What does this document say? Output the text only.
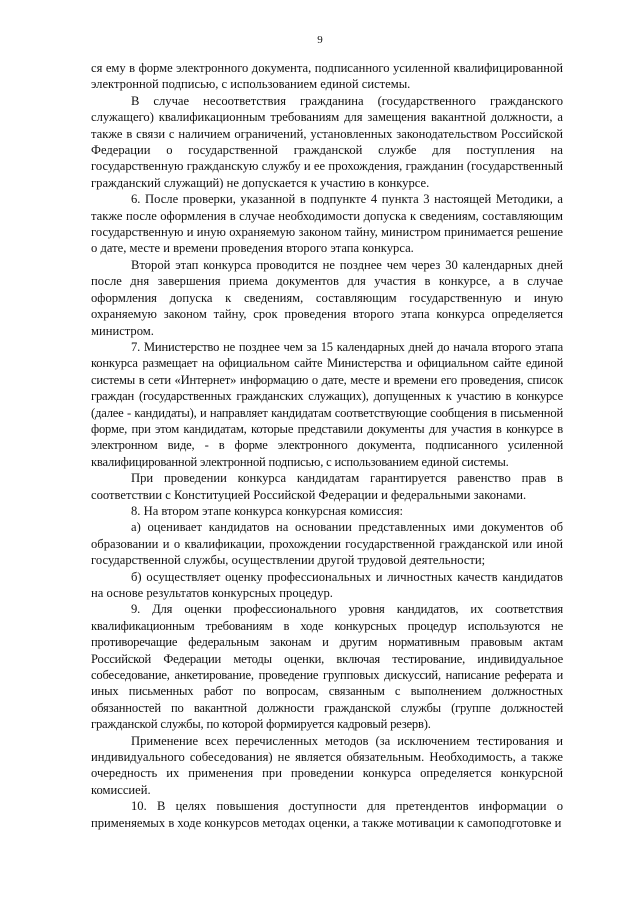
9

ся ему в форме электронного документа, подписанного усиленной квалифицированной электронной подписью, с использованием единой системы.

В случае несоответствия гражданина (государственного гражданского служащего) квалификационным требованиям для замещения вакантной должности, а также в связи с наличием ограничений, установленных законодательством Российской Федерации о государственной гражданской службе для поступления на государственную гражданскую службу и ее прохождения, гражданин (государственный гражданский служащий) не допускается к участию в конкурсе.

6. После проверки, указанной в подпункте 4 пункта 3 настоящей Методики, а также после оформления в случае необходимости допуска к сведениям, составляющим государственную и иную охраняемую законом тайну, министром принимается решение о дате, месте и времени проведения второго этапа конкурса.

Второй этап конкурса проводится не позднее чем через 30 календарных дней после дня завершения приема документов для участия в конкурсе, а в случае оформления допуска к сведениям, составляющим государственную и иную охраняемую законом тайну, срок проведения второго этапа конкурса определяется министром.

7. Министерство не позднее чем за 15 календарных дней до начала второго этапа конкурса размещает на официальном сайте Министерства и официальном сайте единой системы в сети «Интернет» информацию о дате, месте и времени его проведения, список граждан (государственных гражданских служащих), допущенных к участию в конкурсе (далее - кандидаты), и направляет кандидатам соответствующие сообщения в письменной форме, при этом кандидатам, которые представили документы для участия в конкурсе в электронном виде, - в форме электронного документа, подписанного усиленной квалифицированной электронной подписью, с использованием единой системы.

При проведении конкурса кандидатам гарантируется равенство прав в соответствии с Конституцией Российской Федерации и федеральными законами.

8. На втором этапе конкурса конкурсная комиссия:

а) оценивает кандидатов на основании представленных ими документов об образовании и о квалификации, прохождении государственной гражданской или иной государственной службы, осуществлении другой трудовой деятельности;

б) осуществляет оценку профессиональных и личностных качеств кандидатов на основе результатов конкурсных процедур.

9. Для оценки профессионального уровня кандидатов, их соответствия квалификационным требованиям в ходе конкурсных процедур используются не противоречащие федеральным законам и другим нормативным правовым актам Российской Федерации методы оценки, включая тестирование, индивидуальное собеседование, анкетирование, проведение групповых дискуссий, написание реферата и иных письменных работ по вопросам, связанным с выполнением должностных обязанностей по вакантной должности гражданской службы (группе должностей гражданской службы, по которой формируется кадровый резерв).

Применение всех перечисленных методов (за исключением тестирования и индивидуального собеседования) не является обязательным. Необходимость, а также очередность их применения при проведении конкурса определяется конкурсной комиссией.

10. В целях повышения доступности для претендентов информации о применяемых в ходе конкурсов методах оценки, а также мотивации к самоподготовке и
